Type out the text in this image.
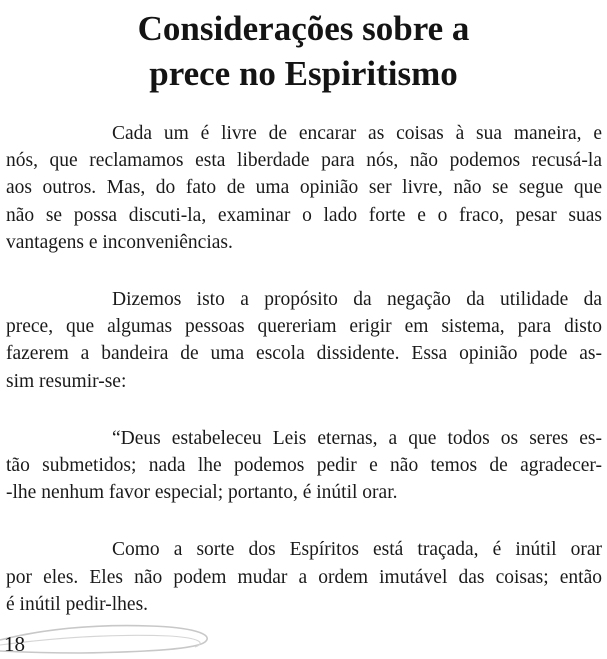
Considerações sobre a
prece no Espiritismo

Cada um é livre de encarar as coisas à sua maneira, e
nós, que reclamamos esta liberdade para nós, não podemos recusá-la
aos outros. Mas, do fato de uma opinião ser livre, não se segue que
não se possa discuti-la, examinar o lado forte e o fraco, pesar suas
vantagens e inconveniências.

Dizemos isto a propósito da negação da utilidade da
prece, que algumas pessoas quereriam erigir em sistema, para disto
fazerem a bandeira de uma escola dissidente. Essa opinião pode as-
sim resumir-se:

“Deus estabeleceu Leis eternas, a que todos os seres es-
tão submetidos; nada lhe podemos pedir e não temos de agradecer-
-lhe nenhum favor especial; portanto, é inútil orar.

Como a sorte dos Espíritos está traçada, é inútil orar
por eles. Eles não podem mudar a ordem imutável das coisas; então
é inútil pedir-lhes.

18
